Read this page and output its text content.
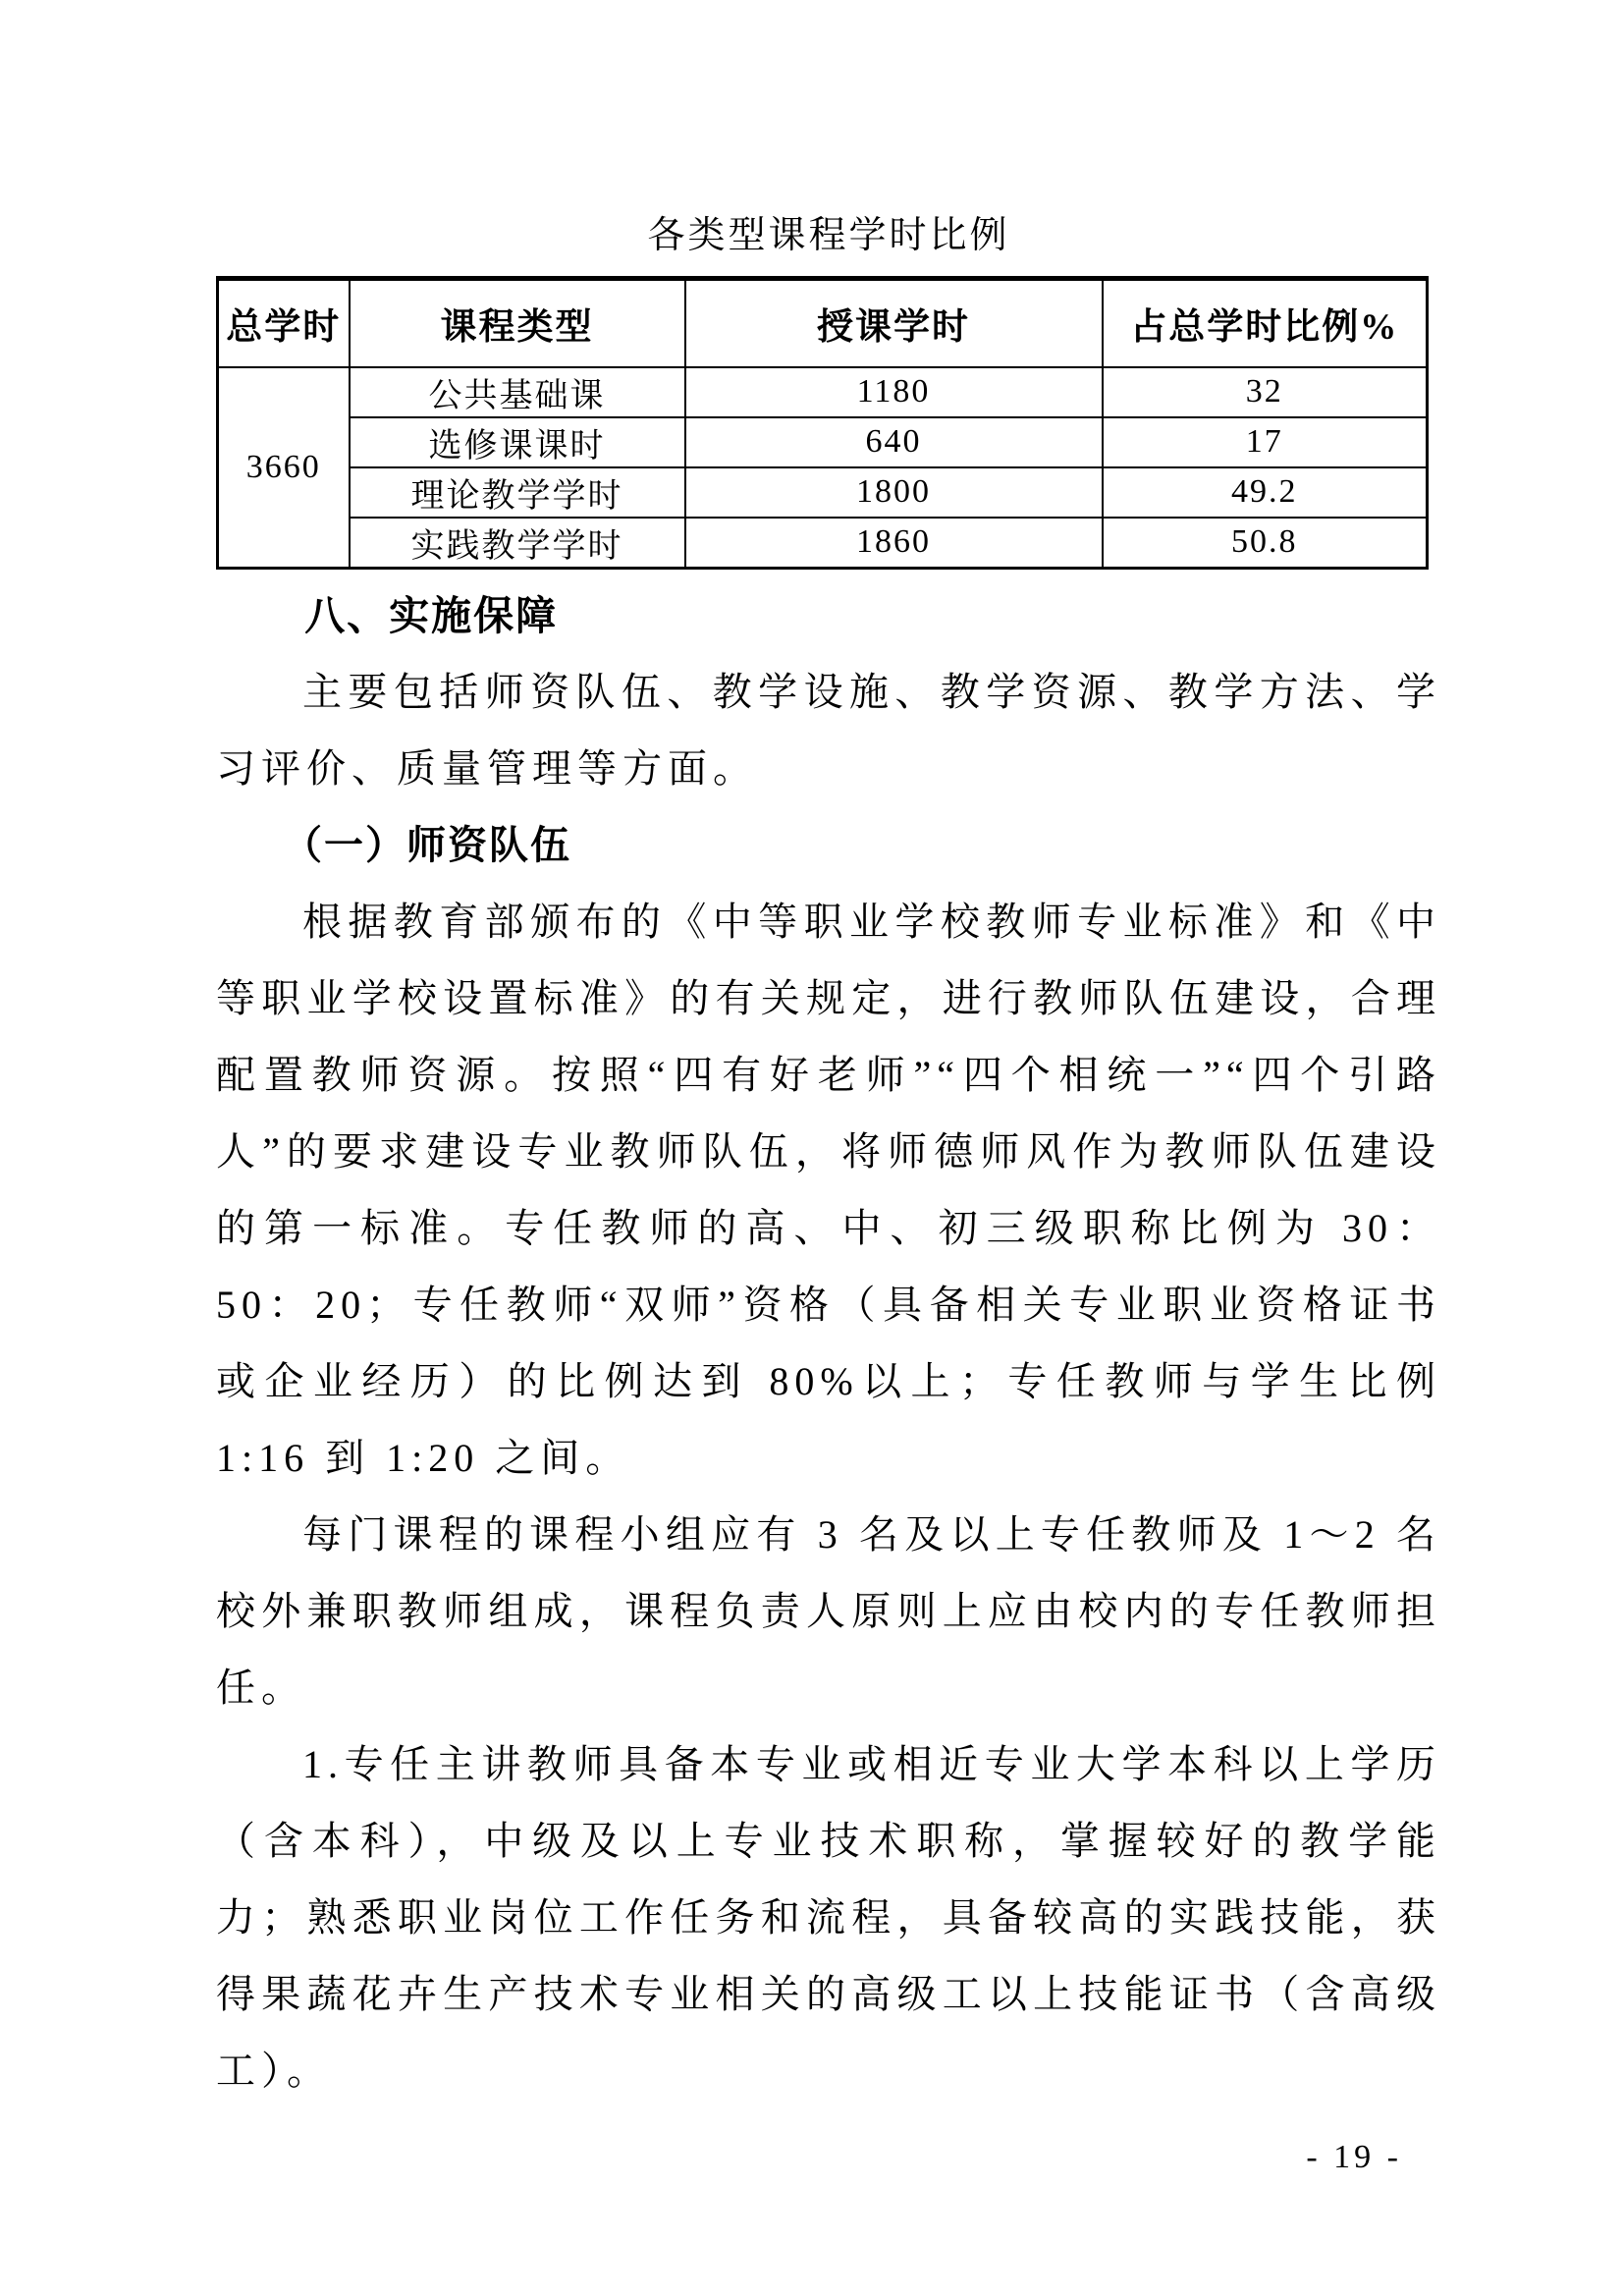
各类型课程学时比例
总学时	课程类型	授课学时	占总学时比例%
3660	公共基础课	1180	32
	选修课课时	640	17
	理论教学学时	1800	49.2
	实践教学学时	1860	50.8
八、实施保障

主要包括师资队伍、教学设施、教学资源、教学方法、学习评价、质量管理等方面。

（一）师资队伍

根据教育部颁布的《中等职业学校教师专业标准》和《中等职业学校设置标准》的有关规定，进行教师队伍建设，合理配置教师资源。按照“四有好老师”“四个相统一”“四个引路人”的要求建设专业教师队伍，将师德师风作为教师队伍建设的第一标准。专任教师的高、中、初三级职称比例为 30：50：20；专任教师“双师”资格（具备相关专业职业资格证书或企业经历）的比例达到 80%以上；专任教师与学生比例 1:16 到 1:20 之间。

每门课程的课程小组应有 3 名及以上专任教师及 1～2 名校外兼职教师组成，课程负责人原则上应由校内的专任教师担任。

1.专任主讲教师具备本专业或相近专业大学本科以上学历（含本科），中级及以上专业技术职称，掌握较好的教学能力；熟悉职业岗位工作任务和流程，具备较高的实践技能，获得果蔬花卉生产技术专业相关的高级工以上技能证书（含高级工）。

- 19 -
